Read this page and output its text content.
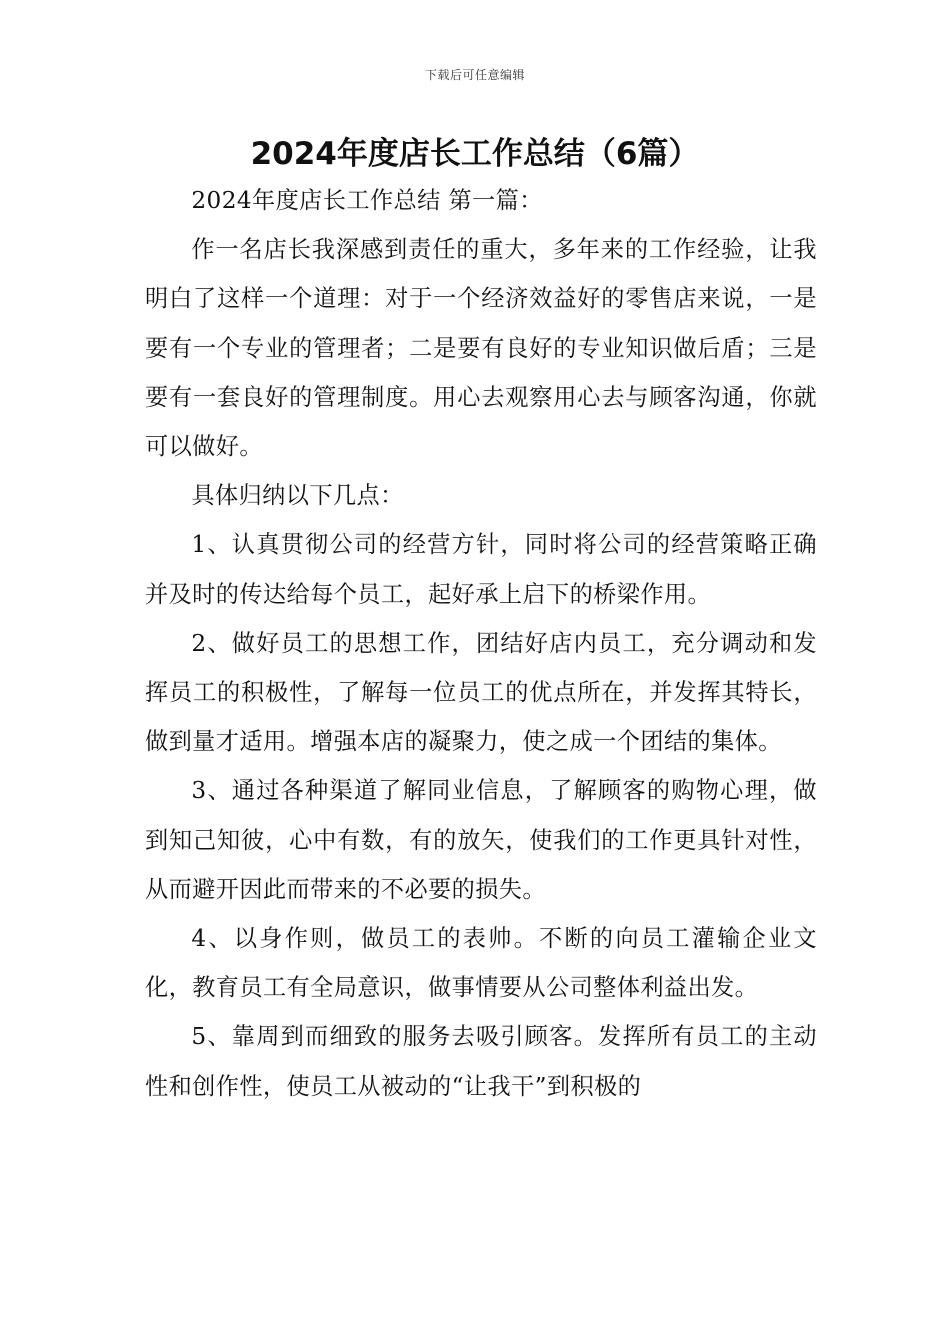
下载后可任意编辑
2024年度店长工作总结（6篇）

2024年度店长工作总结 第一篇：

作一名店长我深感到责任的重大，多年来的工作经验，让我明白了这样一个道理：对于一个经济效益好的零售店来说，一是要有一个专业的管理者；二是要有良好的专业知识做后盾；三是要有一套良好的管理制度。用心去观察用心去与顾客沟通，你就可以做好。

具体归纳以下几点：

1、认真贯彻公司的经营方针，同时将公司的经营策略正确并及时的传达给每个员工，起好承上启下的桥梁作用。

2、做好员工的思想工作，团结好店内员工，充分调动和发挥员工的积极性，了解每一位员工的优点所在，并发挥其特长，做到量才适用。增强本店的凝聚力，使之成一个团结的集体。

3、通过各种渠道了解同业信息，了解顾客的购物心理，做到知己知彼，心中有数，有的放矢，使我们的工作更具针对性，从而避开因此而带来的不必要的损失。

4、以身作则，做员工的表帅。不断的向员工灌输企业文化，教育员工有全局意识，做事情要从公司整体利益出发。

5、靠周到而细致的服务去吸引顾客。发挥所有员工的主动性和创作性，使员工从被动的“让我干”到积极的
